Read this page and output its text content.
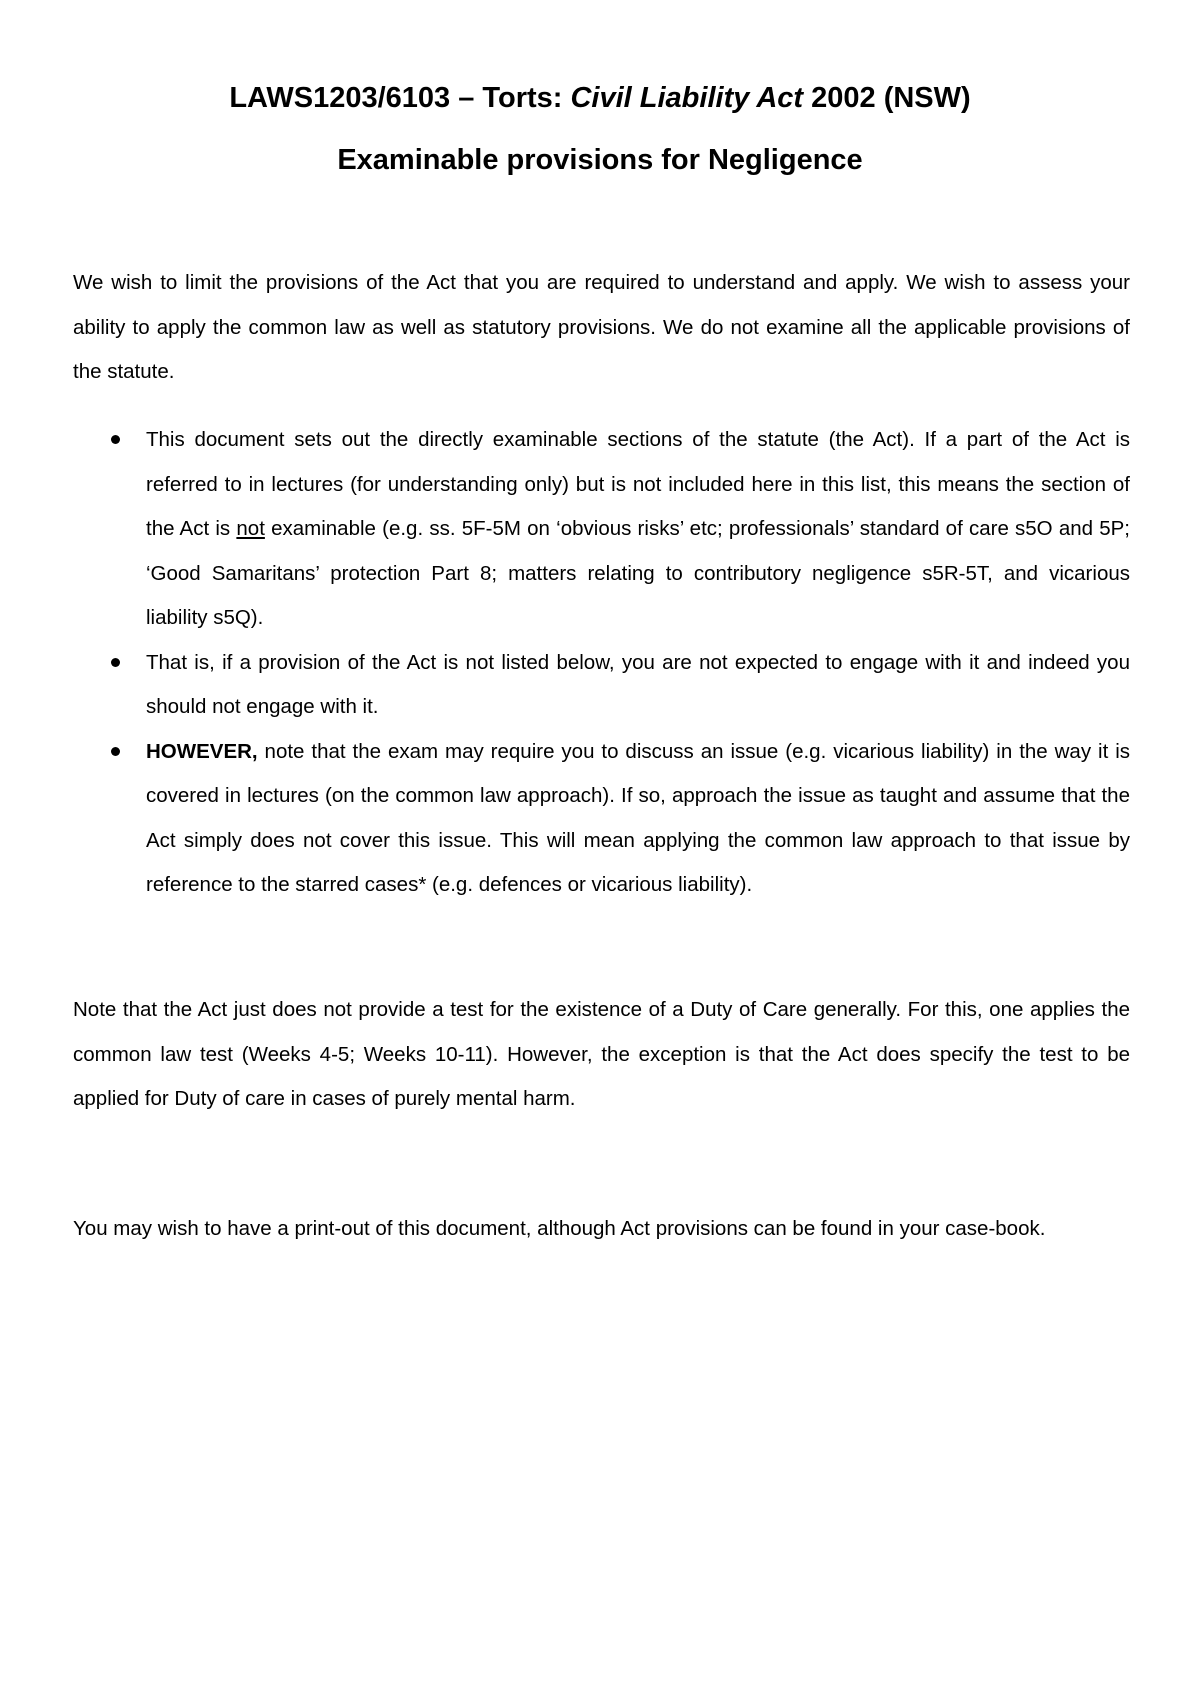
LAWS1203/6103 – Torts: Civil Liability Act 2002 (NSW)
Examinable provisions for Negligence

We wish to limit the provisions of the Act that you are required to understand and apply. We wish to assess your ability to apply the common law as well as statutory provisions. We do not examine all the applicable provisions of the statute.

This document sets out the directly examinable sections of the statute (the Act). If a part of the Act is referred to in lectures (for understanding only) but is not included here in this list, this means the section of the Act is not examinable (e.g. ss. 5F-5M on ‘obvious risks’ etc; professionals’ standard of care s5O and 5P; ‘Good Samaritans’ protection Part 8; matters relating to contributory negligence s5R-5T, and vicarious liability s5Q).
That is, if a provision of the Act is not listed below, you are not expected to engage with it and indeed you should not engage with it.
HOWEVER, note that the exam may require you to discuss an issue (e.g. vicarious liability) in the way it is covered in lectures (on the common law approach). If so, approach the issue as taught and assume that the Act simply does not cover this issue. This will mean applying the common law approach to that issue by reference to the starred cases* (e.g. defences or vicarious liability).

Note that the Act just does not provide a test for the existence of a Duty of Care generally. For this, one applies the common law test (Weeks 4-5; Weeks 10-11). However, the exception is that the Act does specify the test to be applied for Duty of care in cases of purely mental harm.

You may wish to have a print-out of this document, although Act provisions can be found in your case-book.
